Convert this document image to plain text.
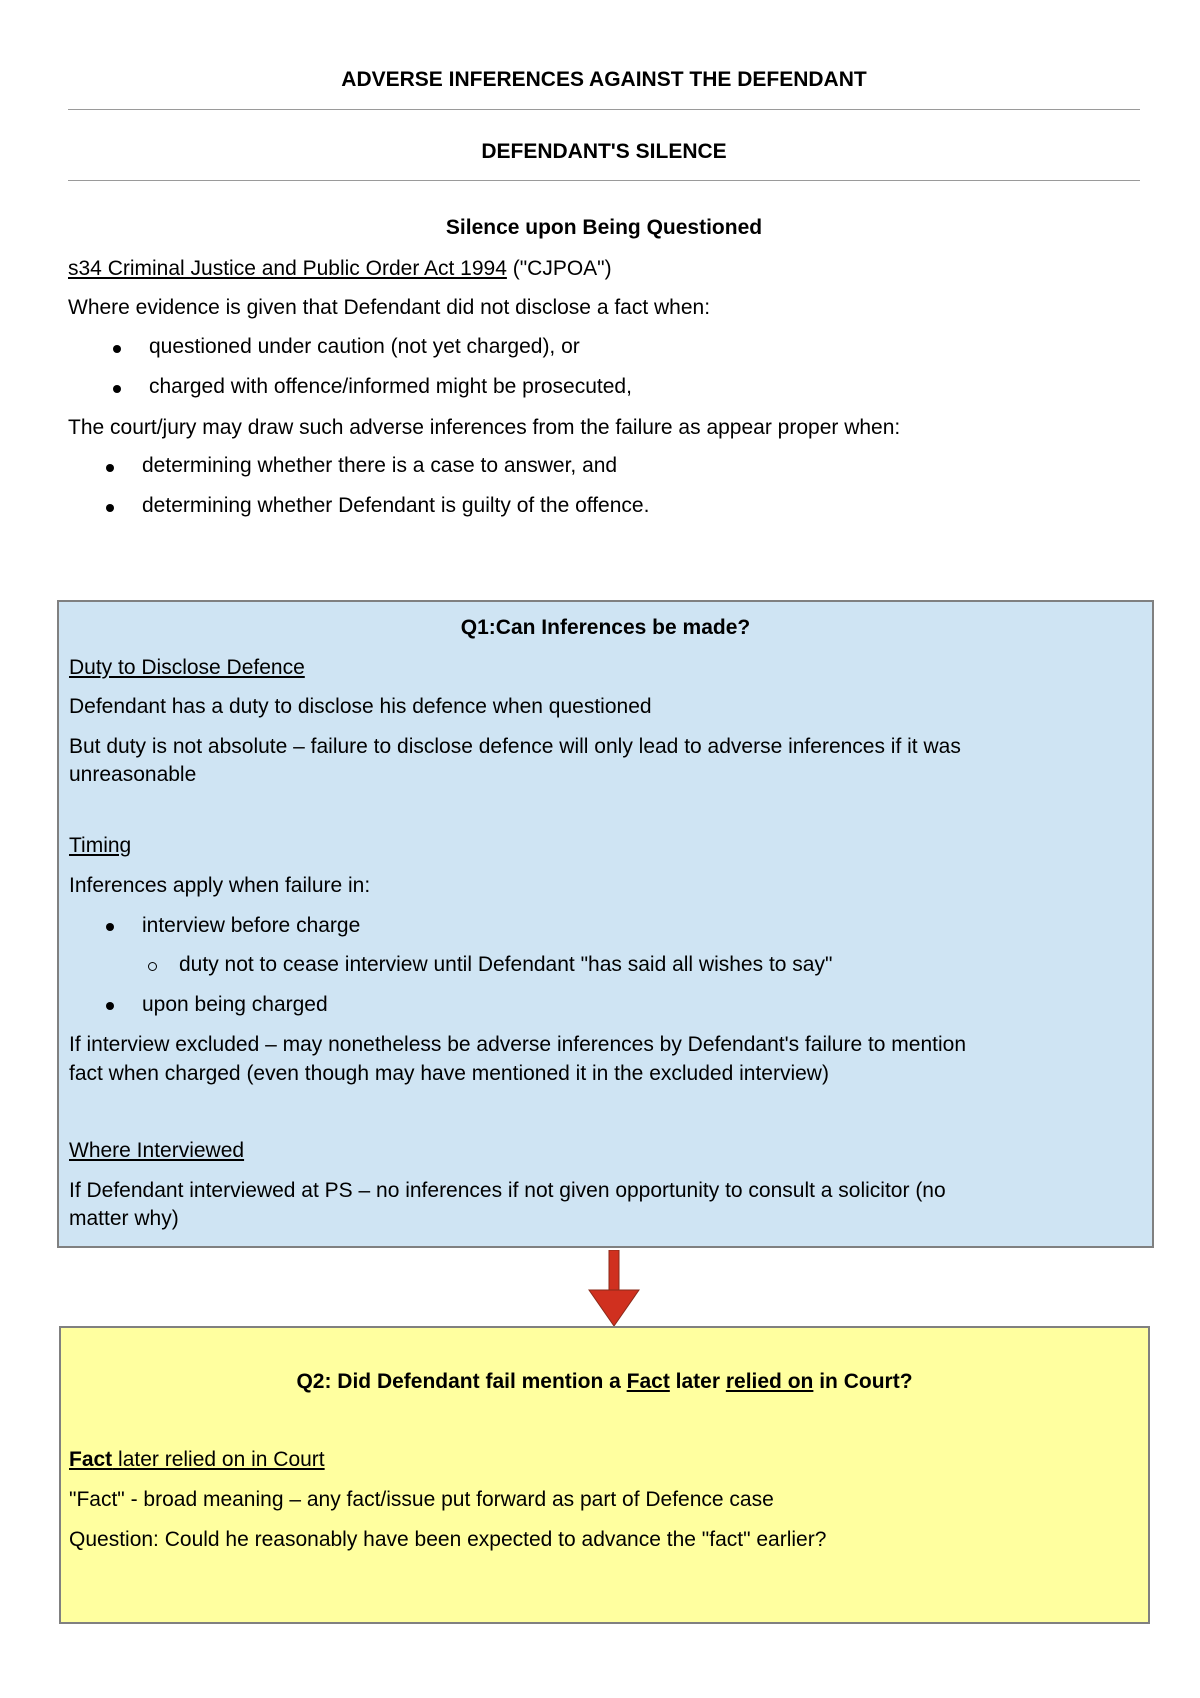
ADVERSE INFERENCES AGAINST THE DEFENDANT
DEFENDANT'S SILENCE
Silence upon Being Questioned
s34 Criminal Justice and Public Order Act 1994 ("CJPOA")
Where evidence is given that Defendant did not disclose a fact when:
questioned under caution (not yet charged), or
charged with offence/informed might be prosecuted,
The court/jury may draw such adverse inferences from the failure as appear proper when:
determining whether there is a case to answer, and
determining whether Defendant is guilty of the offence.
Q1:Can Inferences be made?
Duty to Disclose Defence
Defendant has a duty to disclose his defence when questioned
But duty is not absolute – failure to disclose defence will only lead to adverse inferences if it was
unreasonable
Timing
Inferences apply when failure in:
interview before charge
duty not to cease interview until Defendant "has said all wishes to say"
upon being charged
If interview excluded – may nonetheless be adverse inferences by Defendant's failure to mention
fact when charged (even though may have mentioned it in the excluded interview)
Where Interviewed
If Defendant interviewed at PS – no inferences if not given opportunity to consult a solicitor (no
matter why)
Q2: Did Defendant fail mention a Fact later relied on in Court?
Fact later relied on in Court
"Fact" - broad meaning – any fact/issue put forward as part of Defence case
Question: Could he reasonably have been expected to advance the "fact" earlier?
